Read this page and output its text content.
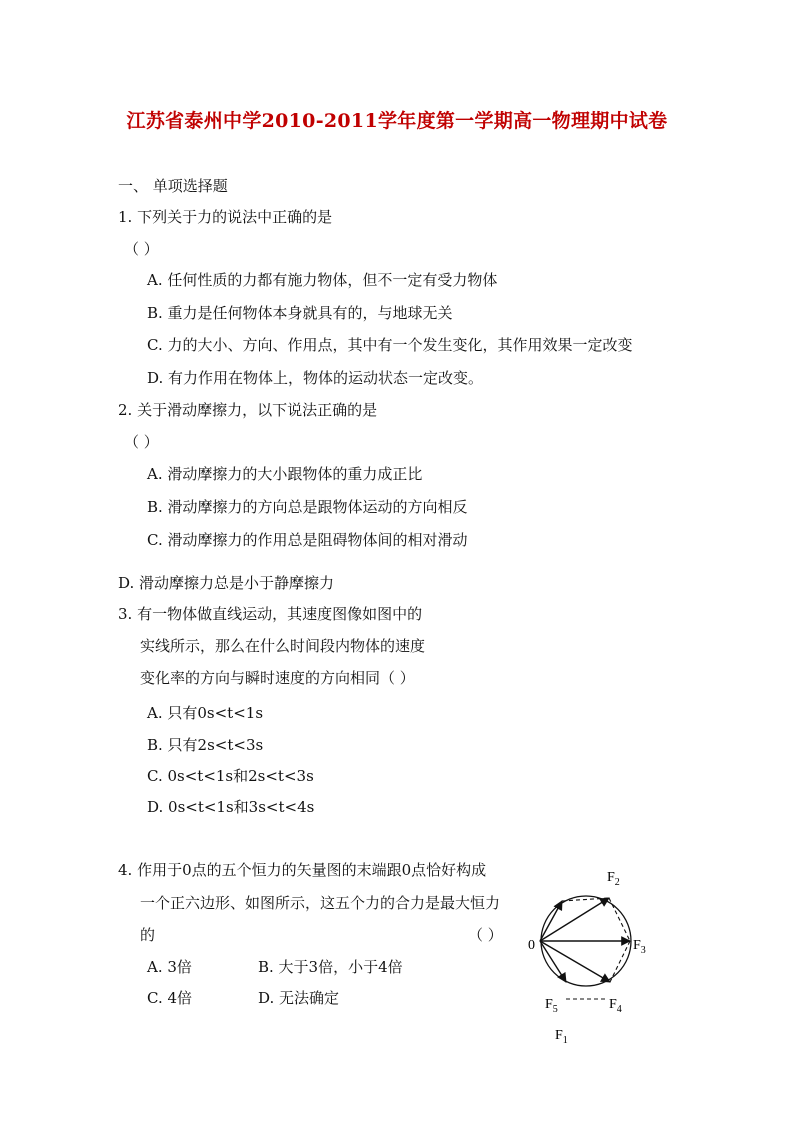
江苏省泰州中学2010-2011学年度第一学期高一物理期中试卷
一、 单项选择题
1. 下列关于力的说法中正确的是
（ ）
A. 任何性质的力都有施力物体，但不一定有受力物体
B. 重力是任何物体本身就具有的，与地球无关
C. 力的大小、方向、作用点，其中有一个发生变化，其作用效果一定改变
D. 有力作用在物体上，物体的运动状态一定改变。
2. 关于滑动摩擦力，以下说法正确的是
（ ）
A. 滑动摩擦力的大小跟物体的重力成正比
B. 滑动摩擦力的方向总是跟物体运动的方向相反
C. 滑动摩擦力的作用总是阻碍物体间的相对滑动
D. 滑动摩擦力总是小于静摩擦力
3. 有一物体做直线运动，其速度图像如图中的
实线所示，那么在什么时间段内物体的速度
变化率的方向与瞬时速度的方向相同（ ）
A. 只有0s<t<1s
B. 只有2s<t<3s
C. 0s<t<1s和2s<t<3s
D. 0s<t<1s和3s<t<4s
4. 作用于0点的五个恒力的矢量图的末端跟0点恰好构成
一个正六边形、如图所示，这五个力的合力是最大恒力
的	（ ）
A. 3倍	B. 大于3倍，小于4倍
C. 4倍	D. 无法确定
0
$F_2$
$F_3$
$F_4$
$F_5$
$F_1$
